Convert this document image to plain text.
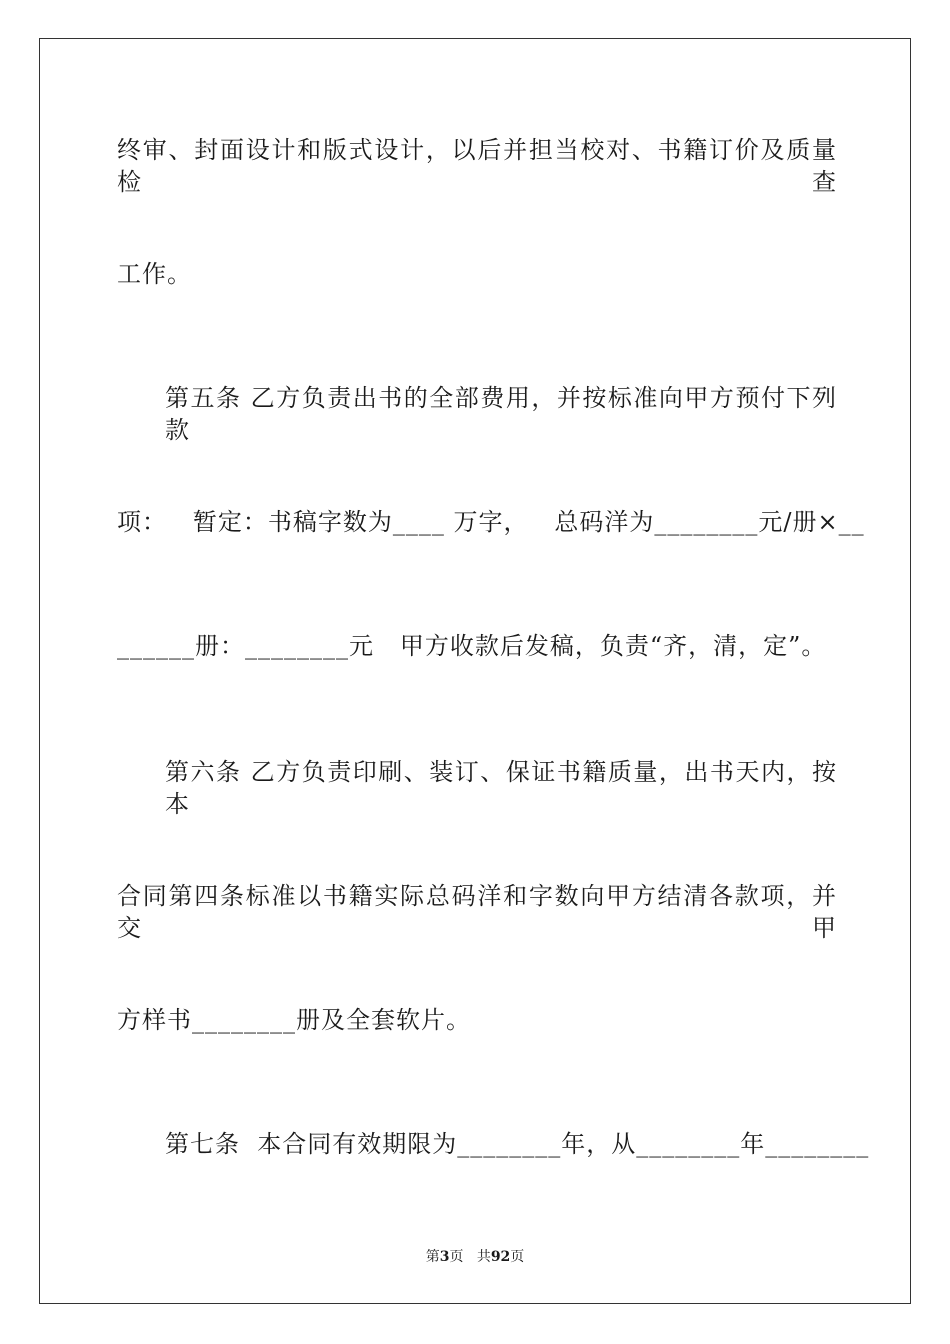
终审、封面设计和版式设计，以后并担当校对、书籍订价及质量检查
工作。
第五条 乙方负责出书的全部费用，并按标准向甲方预付下列款
项：   暂定：书稿字数为____ 万字，   总码洋为________元/册×__
______册：________元   甲方收款后发稿，负责“齐，清，定”。
第六条 乙方负责印刷、装订、保证书籍质量，出书天内，按本
合同第四条标准以书籍实际总码洋和字数向甲方结清各款项，并交甲
方样书________册及全套软片。
第七条  本合同有效期限为________年，从________年________
第3页 共92页
